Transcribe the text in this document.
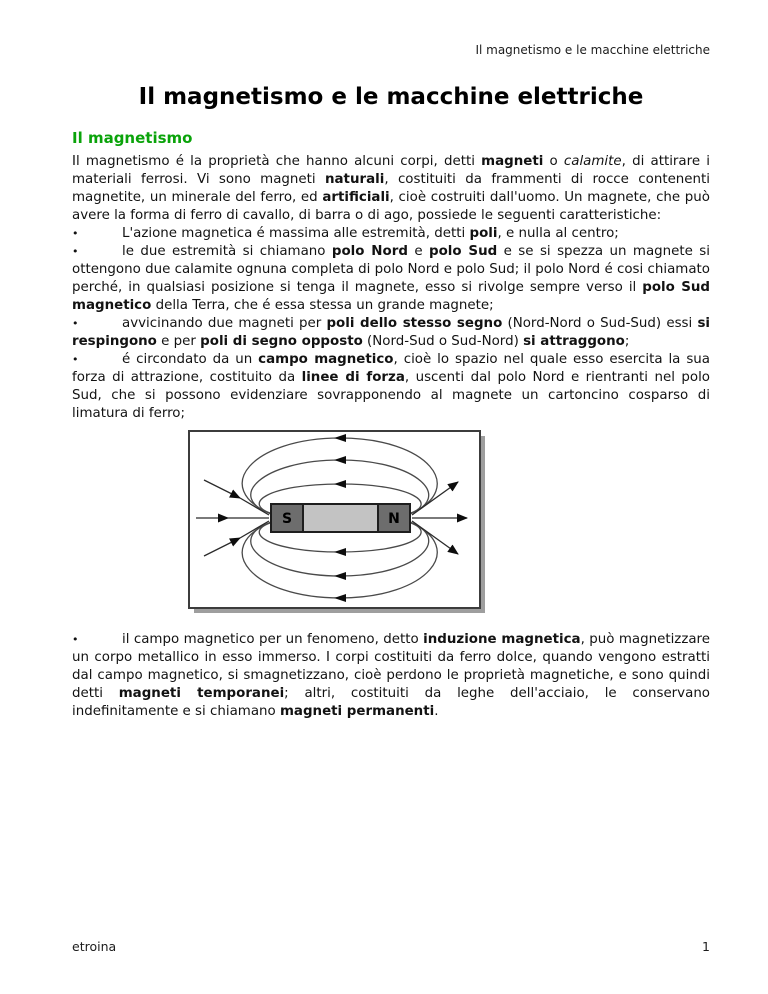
Il magnetismo e le macchine elettriche
Il magnetismo e le macchine elettriche
Il magnetismo

Il magnetismo é la proprietà che hanno alcuni corpi, detti magneti o calamite, di attirare i materiali ferrosi. Vi sono magneti naturali, costituiti da frammenti di rocce contenenti magnetite, un minerale del ferro, ed artificiali, cioè costruiti dall'uomo. Un magnete, che può avere la forma di ferro di cavallo, di barra o di ago, possiede le seguenti caratteristiche:

•	L'azione magnetica é massima alle estremità, detti poli, e nulla al centro;

•	le due estremità si chiamano polo Nord e polo Sud e se si spezza un magnete si ottengono due calamite ognuna completa di polo Nord e polo Sud; il polo Nord é cosi chiamato perché, in qualsiasi posizione si tenga il magnete, esso si rivolge sempre verso il polo Sud magnetico della Terra, che é essa stessa un grande magnete;

•	avvicinando due magneti per poli dello stesso segno (Nord-Nord o Sud-Sud) essi si respingono e per poli di segno opposto (Nord-Sud o Sud-Nord) si attraggono;

•	é circondato da un campo magnetico, cioè lo spazio nel quale esso esercita la sua forza di attrazione, costituito da linee di forza, uscenti dal polo Nord e rientranti nel polo Sud, che si possono evidenziare sovrapponendo al magnete un cartoncino cosparso di limatura di ferro;

S	N

•	il campo magnetico per un fenomeno, detto induzione magnetica, può magnetizzare un corpo metallico in esso immerso. I corpi costituiti da ferro dolce, quando vengono estratti dal campo magnetico, si smagnetizzano, cioè perdono le proprietà magnetiche, e sono quindi detti magneti temporanei; altri, costituiti da leghe dell'acciaio, le conservano indefinitamente e si chiamano magneti permanenti.

etroina	1
